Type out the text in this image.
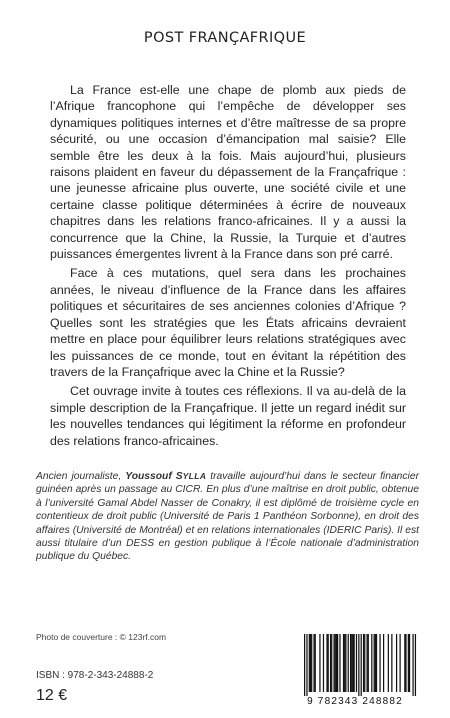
POST FRANÇAFRIQUE

La France est-elle une chape de plomb aux pieds de l’Afrique francophone qui l’empêche de développer ses dynamiques politiques internes et d’être maîtresse de sa propre sécurité, ou une occasion d’émancipation mal saisie? Elle semble être les deux à la fois. Mais aujourd’hui, plusieurs raisons plaident en faveur du dépassement de la Françafrique : une jeunesse africaine plus ouverte, une société civile et une certaine classe politique déterminées à écrire de nouveaux chapitres dans les relations franco-africaines. Il y a aussi la concurrence que la Chine, la Russie, la Turquie et d’autres puissances émergentes livrent à la France dans son pré carré.

Face à ces mutations, quel sera dans les prochaines années, le niveau d’influence de la France dans les affaires politiques et sécuritaires de ses anciennes colonies d’Afrique ? Quelles sont les stratégies que les États africains devraient mettre en place pour équilibrer leurs relations stratégiques avec les puissances de ce monde, tout en évitant la répétition des travers de la Françafrique avec la Chine et la Russie?

Cet ouvrage invite à toutes ces réflexions. Il va au-delà de la simple description de la Françafrique. Il jette un regard inédit sur les nouvelles tendances qui légitiment la réforme en profondeur des relations franco-africaines.

Ancien journaliste, Youssouf SYLLA travaille aujourd’hui dans le secteur financier guinéen après un passage au CICR. En plus d’une maîtrise en droit public, obtenue à l’université Gamal Abdel Nasser de Conakry, il est diplômé de troisième cycle en contentieux de droit public (Université de Paris 1 Panthéon Sorbonne), en droit des affaires (Université de Montréal) et en relations internationales (IDERIC Paris). Il est aussi titulaire d’un DESS en gestion publique à l’École nationale d’administration publique du Québec.
Photo de couverture : © 123rf.com
ISBN : 978-2-343-24888-2
12 €	9 782343 248882
